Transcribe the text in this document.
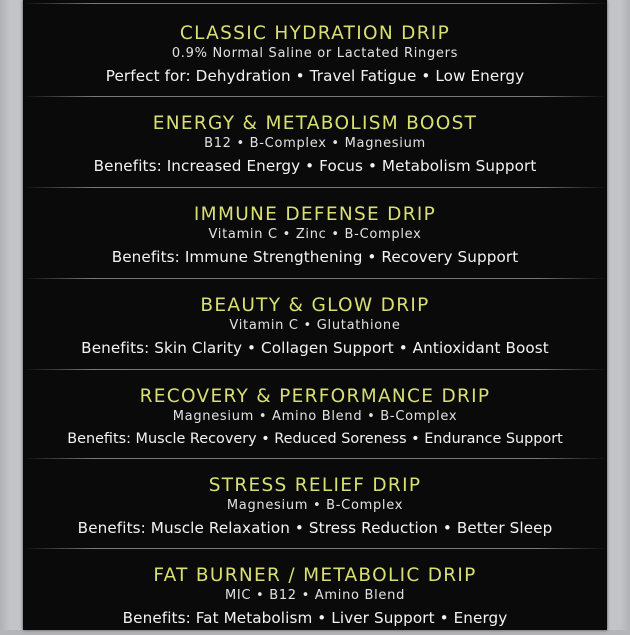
CLASSIC HYDRATION DRIP
0.9% Normal Saline or Lactated Ringers
Perfect for: Dehydration • Travel Fatigue • Low Energy
ENERGY & METABOLISM BOOST
B12 • B-Complex • Magnesium
Benefits: Increased Energy • Focus • Metabolism Support
IMMUNE DEFENSE DRIP
Vitamin C • Zinc • B-Complex
Benefits: Immune Strengthening • Recovery Support
BEAUTY & GLOW DRIP
Vitamin C • Glutathione
Benefits: Skin Clarity • Collagen Support • Antioxidant Boost
RECOVERY & PERFORMANCE DRIP
Magnesium • Amino Blend • B-Complex
Benefits: Muscle Recovery • Reduced Soreness • Endurance Support
STRESS RELIEF DRIP
Magnesium • B-Complex
Benefits: Muscle Relaxation • Stress Reduction • Better Sleep
FAT BURNER / METABOLIC DRIP
MIC • B12 • Amino Blend
Benefits: Fat Metabolism • Liver Support • Energy
